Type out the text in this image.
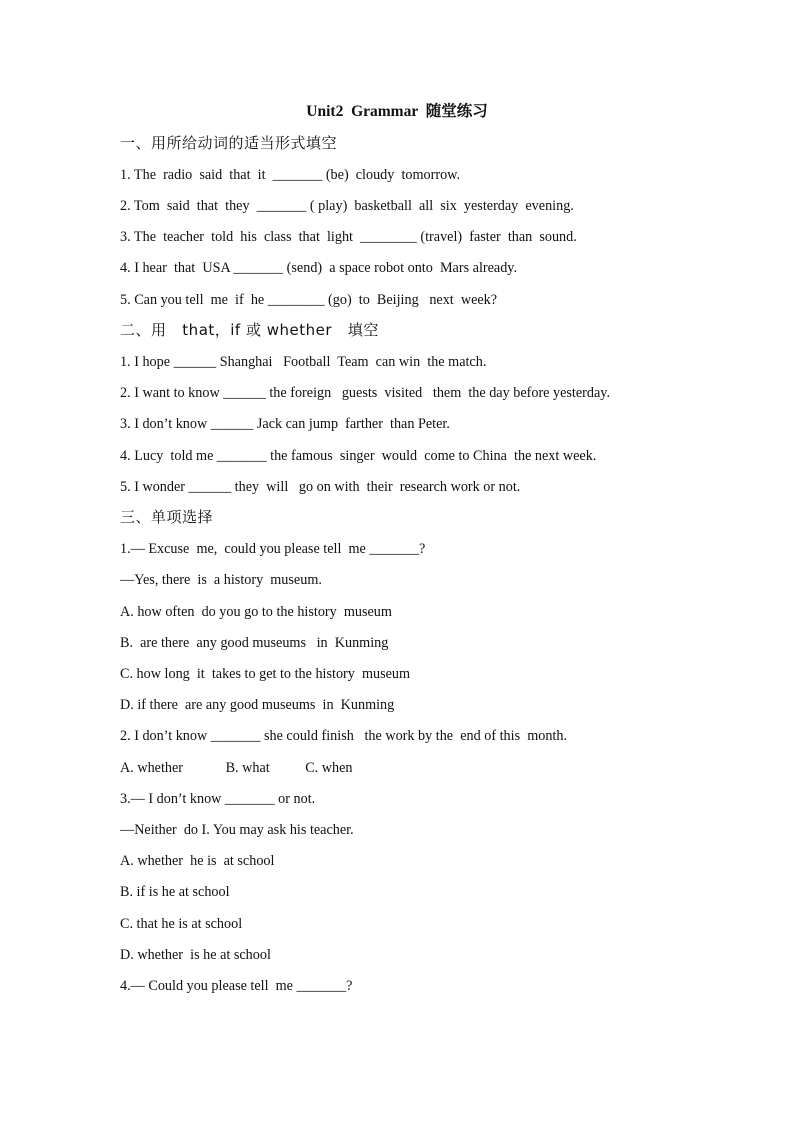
Unit2  Grammar  随堂练习
一、用所给动词的适当形式填空
1. The  radio  said  that  it  _______ (be)  cloudy  tomorrow.
2. Tom  said  that  they  _______ ( play)  basketball  all  six  yesterday  evening.
3. The  teacher  told  his  class  that  light  ________ (travel)  faster  than  sound.
4. I hear  that  USA _______ (send)  a space robot onto  Mars already.
5. Can you tell  me  if  he ________ (go)  to  Beijing   next  week?
二、用   that，if 或 whether   填空
1. I hope ______ Shanghai   Football  Team  can win  the match.
2. I want to know ______ the foreign   guests  visited   them  the day before yesterday.
3. I don’t know ______ Jack can jump  farther  than Peter.
4. Lucy  told me _______ the famous  singer  would  come to China  the next week.
5. I wonder ______ they  will   go on with  their  research work or not.
三、单项选择
1.— Excuse  me,  could you please tell  me _______?
—Yes, there  is  a history  museum.
A. how often  do you go to the history  museum
B.  are there  any good museums   in  Kunming
C. how long  it  takes to get to the history  museum
D. if there  are any good museums  in  Kunming
2. I don’t know _______ she could finish   the work by the  end of this  month.
A. whether            B. what          C. when
3.— I don’t know _______ or not.
—Neither  do I. You may ask his teacher.
A. whether  he is  at school
B. if is he at school
C. that he is at school
D. whether  is he at school
4.— Could you please tell  me _______?
